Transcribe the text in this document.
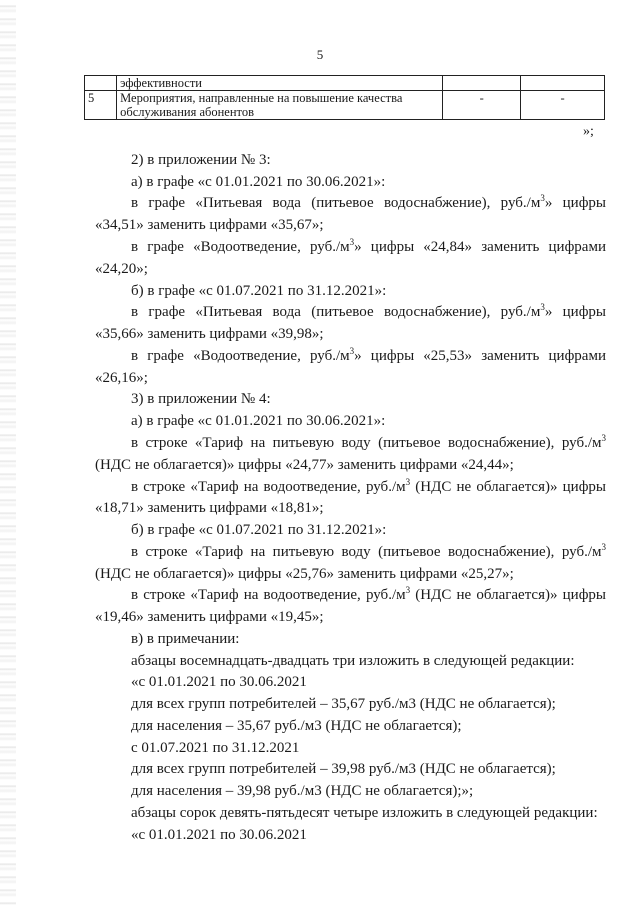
5
	эффективности		
5	Мероприятия, направленные на повышение качества обслуживания абонентов	-	-
»;
2) в приложении № 3:
а) в графе «с 01.01.2021 по 30.06.2021»:
в графе «Питьевая вода (питьевое водоснабжение), $руб./м^3$» цифры
«34,51» заменить цифрами «35,67»;
в графе «Водоотведение, $руб./м^3$» цифры «24,84» заменить цифрами
«24,20»;
б) в графе «с 01.07.2021 по 31.12.2021»:
в графе «Питьевая вода (питьевое водоснабжение), $руб./м^3$» цифры
«35,66» заменить цифрами «39,98»;
в графе «Водоотведение, $руб./м^3$» цифры «25,53» заменить цифрами
«26,16»;
3) в приложении № 4:
а) в графе «с 01.01.2021 по 30.06.2021»:
в строке «Тариф на питьевую воду (питьевое водоснабжение), $руб./м^3$
(НДС не облагается)» цифры «24,77» заменить цифрами «24,44»;
в строке «Тариф на водоотведение, $руб./м^3$ (НДС не облагается)» цифры
«18,71» заменить цифрами «18,81»;
б) в графе «с 01.07.2021 по 31.12.2021»:
в строке «Тариф на питьевую воду (питьевое водоснабжение), $руб./м^3$
(НДС не облагается)» цифры «25,76» заменить цифрами «25,27»;
в строке «Тариф на водоотведение, $руб./м^3$ (НДС не облагается)» цифры
«19,46» заменить цифрами «19,45»;
в) в примечании:
абзацы восемнадцать-двадцать три изложить в следующей редакции:
«с 01.01.2021 по 30.06.2021
для всех групп потребителей – 35,67 руб./м3 (НДС не облагается);
для населения – 35,67 руб./м3 (НДС не облагается);
с 01.07.2021 по 31.12.2021
для всех групп потребителей – 39,98 руб./м3 (НДС не облагается);
для населения – 39,98 руб./м3 (НДС не облагается);»;
абзацы сорок девять-пятьдесят четыре изложить в следующей редакции:
«с 01.01.2021 по 30.06.2021
